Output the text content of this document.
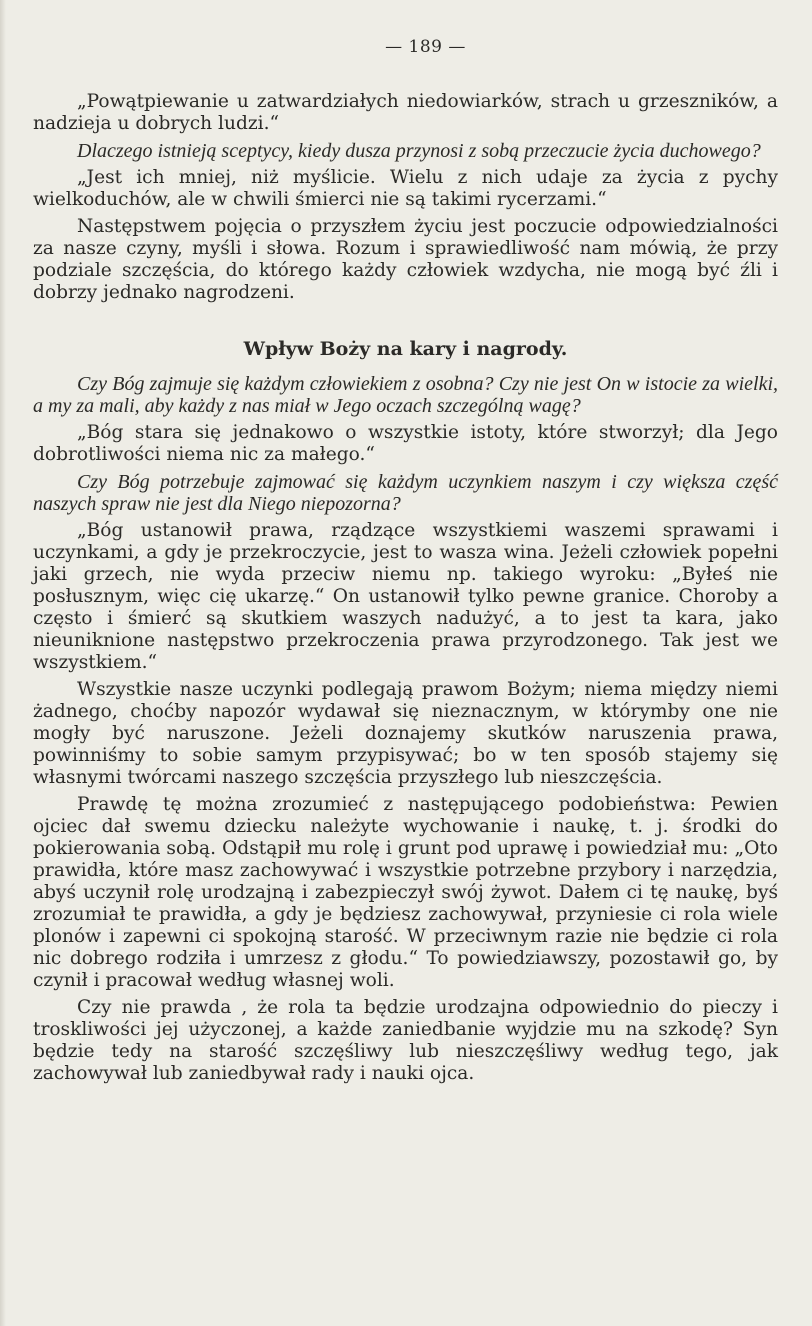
— 189 —

„Powątpiewanie u zatwardziałych niedowiarków, strach u grzeszników, a nadzieja u dobrych ludzi.“

Dlaczego istnieją sceptycy, kiedy dusza przynosi z sobą przeczucie życia duchowego?

„Jest ich mniej, niż myślicie. Wielu z nich udaje za życia z pychy wielkoduchów, ale w chwili śmierci nie są takimi rycerzami.“

Następstwem pojęcia o przyszłem życiu jest poczucie odpowiedzialności za nasze czyny, myśli i słowa. Rozum i sprawiedliwość nam mówią, że przy podziale szczęścia, do którego każdy człowiek wzdycha, nie mogą być źli i dobrzy jednako nagrodzeni.

Wpływ Boży na kary i nagrody.

Czy Bóg zajmuje się każdym człowiekiem z osobna? Czy nie jest On w istocie za wielki, a my za mali, aby każdy z nas miał w Jego oczach szczególną wagę?

„Bóg stara się jednakowo o wszystkie istoty, które stworzył; dla Jego dobrotliwości niema nic za małego.“

Czy Bóg potrzebuje zajmować się każdym uczynkiem naszym i czy większa część naszych spraw nie jest dla Niego niepozorna?

„Bóg ustanowił prawa, rządzące wszystkiemi waszemi sprawami i uczynkami, a gdy je przekroczycie, jest to wasza wina. Jeżeli człowiek popełni jaki grzech, nie wyda przeciw niemu np. takiego wyroku: „Byłeś nie posłusznym, więc cię ukarzę.“ On ustanowił tylko pewne granice. Choroby a często i śmierć są skutkiem waszych nadużyć, a to jest ta kara, jako nieuniknione następstwo przekroczenia prawa przyrodzonego. Tak jest we wszystkiem.“

Wszystkie nasze uczynki podlegają prawom Bożym; niema między niemi żadnego, choćby napozór wydawał się nieznacznym, w którymby one nie mogły być naruszone. Jeżeli doznajemy skutków naruszenia prawa, powinniśmy to sobie samym przypisywać; bo w ten sposób stajemy się własnymi twórcami naszego szczęścia przyszłego lub nieszczęścia.

Prawdę tę można zrozumieć z następującego podobieństwa: Pewien ojciec dał swemu dziecku należyte wychowanie i naukę, t. j. środki do pokierowania sobą. Odstąpił mu rolę i grunt pod uprawę i powiedział mu: „Oto prawidła, które masz zachowywać i wszystkie potrzebne przybory i narzędzia, abyś uczynił rolę urodzajną i zabezpieczył swój żywot. Dałem ci tę naukę, byś zrozumiał te prawidła, a gdy je będziesz zachowywał, przyniesie ci rola wiele plonów i zapewni ci spokojną starość. W przeciwnym razie nie będzie ci rola nic dobrego rodziła i umrzesz z głodu.“ To powiedziawszy, pozostawił go, by czynił i pracował według własnej woli.

Czy nie prawda , że rola ta będzie urodzajna odpowiednio do pieczy i troskliwości jej użyczonej, a każde zaniedbanie wyjdzie mu na szkodę? Syn będzie tedy na starość szczęśliwy lub nieszczęśliwy według tego, jak zachowywał lub zaniedbywał rady i nauki ojca.
